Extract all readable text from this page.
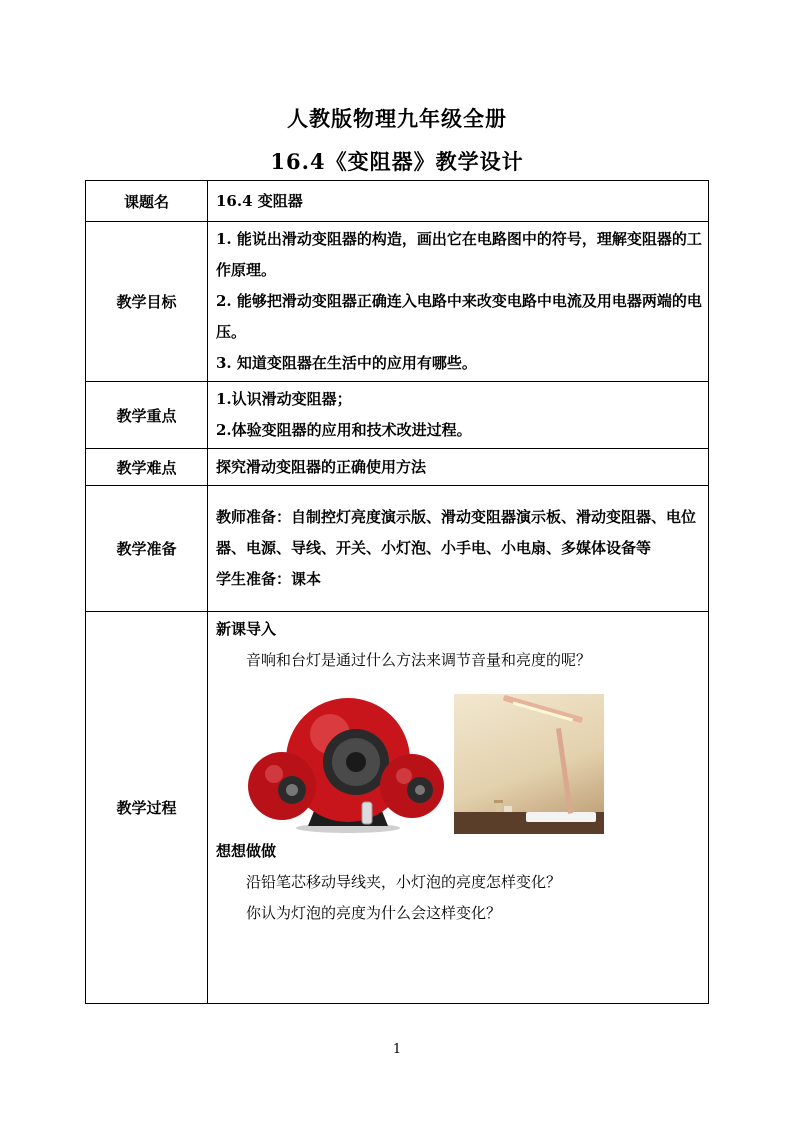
人教版物理九年级全册
16.4《变阻器》教学设计
课题名	16.4 变阻器
教学目标	1. 能说出滑动变阻器的构造，画出它在电路图中的符号，理解变阻器的工作原理。
2. 能够把滑动变阻器正确连入电路中来改变电路中电流及用电器两端的电压。
3. 知道变阻器在生活中的应用有哪些。

教学重点	1.认识滑动变阻器；
2.体验变阻器的应用和技术改进过程。

教学难点	探究滑动变阻器的正确使用方法
教学准备	教师准备：自制控灯亮度演示版、滑动变阻器演示板、滑动变阻器、电位器、电源、导线、开关、小灯泡、小手电、小电扇、多媒体设备等
学生准备：课本

教学过程	新课导入
音响和台灯是通过什么方法来调节音量和亮度的呢？
想想做做
沿铅笔芯移动导线夹，小灯泡的亮度怎样变化？
你认为灯泡的亮度为什么会这样变化？
1
